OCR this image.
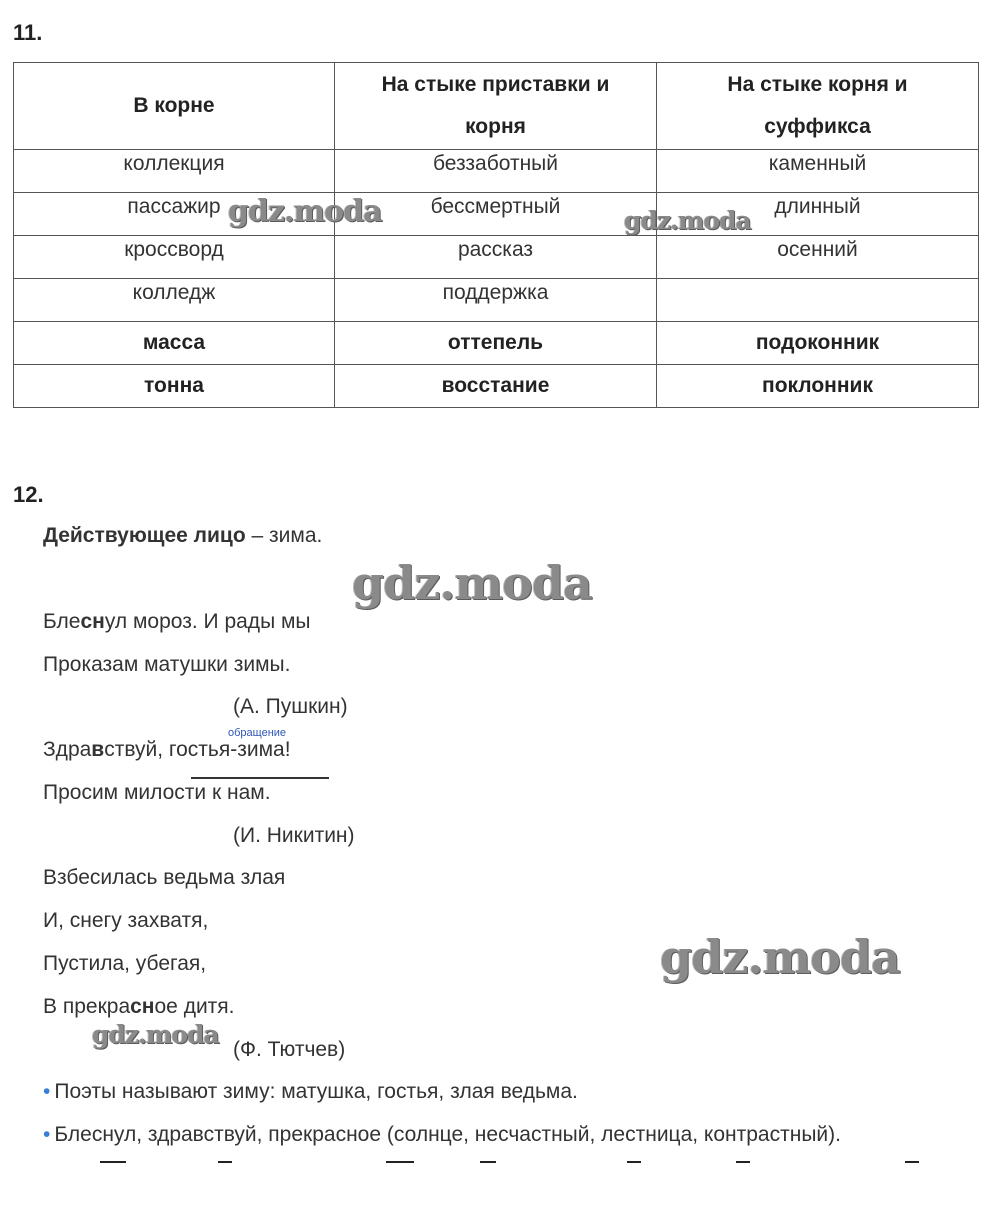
11.
В корне	На стыке приставки и корня	На стыке корня и суффикса
коллекция	беззаботный	каменный
пассажир	бессмертный	длинный
кроссворд	рассказ	осенний
колледж	поддержка	
масса	оттепель	подоконник
тонна	восстание	поклонник
12.
Действующее лицо – зима.
Блеснул мороз. И рады мы
Проказам матушки зимы.
(А. Пушкин)
обращение
Здравствуй, гостья-зима!
Просим милости к нам.
(И. Никитин)
Взбесилась ведьма злая
И, снегу захватя,
Пустила, убегая,
В прекрасное дитя.
(Ф. Тютчев)
• Поэты называют зиму: матушка, гостья, злая ведьма.
• Блеснул, здравствуй, прекрасное (солнце, несчастный, лестница, контрастный).
gdz.moda	gdz.moda
gdz.moda
gdz.moda
gdz.moda
